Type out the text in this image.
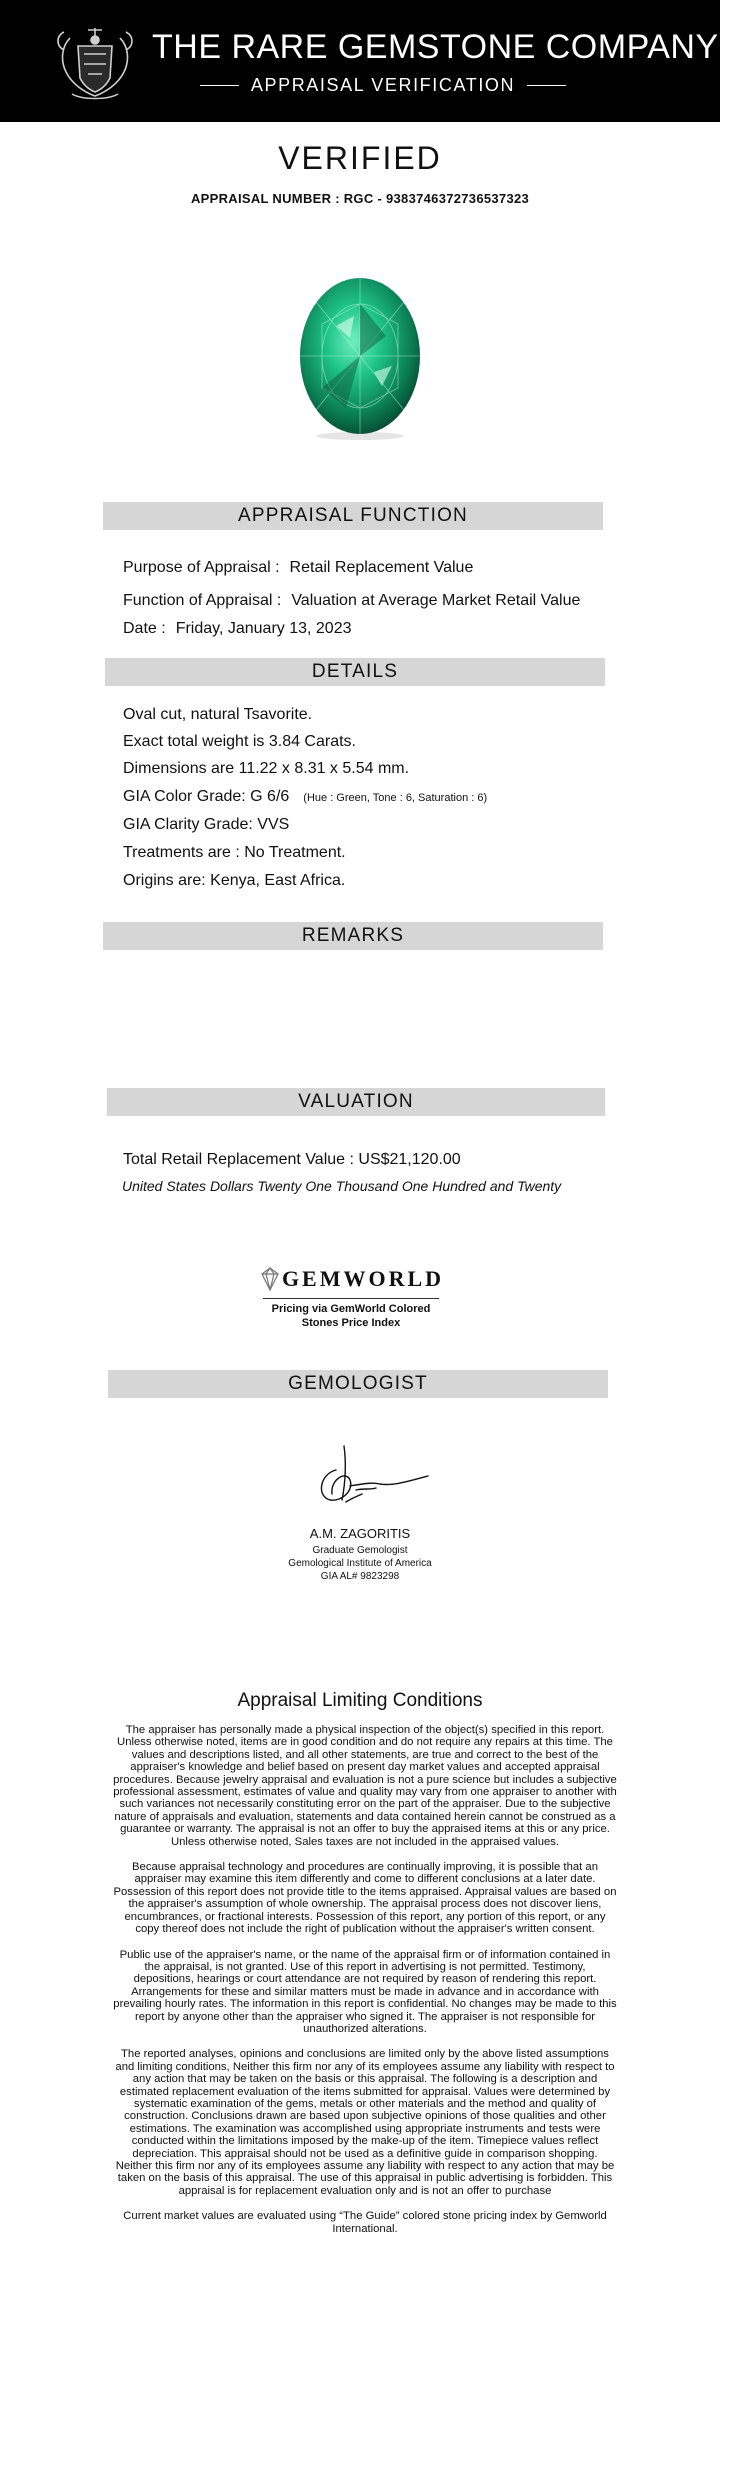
THE RARE GEMSTONE COMPANY ™
APPRAISAL VERIFICATION
VERIFIED
APPRAISAL NUMBER : RGC - 9383746372736537323
APPRAISAL FUNCTION
Purpose of Appraisal : Retail Replacement Value
Function of Appraisal : Valuation at Average Market Retail Value
Date : Friday, January 13, 2023
DETAILS
Oval cut, natural Tsavorite.
Exact total weight is 3.84 Carats.
Dimensions are 11.22 x 8.31 x 5.54 mm.
GIA Color Grade: G 6/6 (Hue : Green, Tone : 6, Saturation : 6)
GIA Clarity Grade: VVS
Treatments are : No Treatment.
Origins are: Kenya, East Africa.
REMARKS
VALUATION
Total Retail Replacement Value : US$21,120.00
United States Dollars Twenty One Thousand One Hundred and Twenty
GEMWORLD
Pricing via GemWorld Colored
Stones Price Index
GEMOLOGIST
A.M. ZAGORITIS
Graduate Gemologist
Gemological Institute of America
GIA AL# 9823298
Appraisal Limiting Conditions

The appraiser has personally made a physical inspection of the object(s) specified in this report. Unless otherwise noted, items are in good condition and do not require any repairs at this time. The values and descriptions listed, and all other statements, are true and correct to the best of the appraiser's knowledge and belief based on present day market values and accepted appraisal procedures. Because jewelry appraisal and evaluation is not a pure science but includes a subjective professional assessment, estimates of value and quality may vary from one appraiser to another with such variances not necessarily constituting error on the part of the appraiser. Due to the subjective nature of appraisals and evaluation, statements and data contained herein cannot be construed as a guarantee or warranty. The appraisal is not an offer to buy the appraised items at this or any price. Unless otherwise noted, Sales taxes are not included in the appraised values.

Because appraisal technology and procedures are continually improving, it is possible that an appraiser may examine this item differently and come to different conclusions at a later date. Possession of this report does not provide title to the items appraised. Appraisal values are based on the appraiser's assumption of whole ownership. The appraisal process does not discover liens, encumbrances, or fractional interests. Possession of this report, any portion of this report, or any copy thereof does not include the right of publication without the appraiser's written consent.

Public use of the appraiser's name, or the name of the appraisal firm or of information contained in the appraisal, is not granted. Use of this report in advertising is not permitted. Testimony, depositions, hearings or court attendance are not required by reason of rendering this report. Arrangements for these and similar matters must be made in advance and in accordance with prevailing hourly rates. The information in this report is confidential. No changes may be made to this report by anyone other than the appraiser who signed it. The appraiser is not responsible for unauthorized alterations.

The reported analyses, opinions and conclusions are limited only by the above listed assumptions and limiting conditions, Neither this firm nor any of its employees assume any liability with respect to any action that may be taken on the basis or this appraisal. The following is a description and estimated replacement evaluation of the items submitted for appraisal. Values were determined by systematic examination of the gems, metals or other materials and the method and quality of construction. Conclusions drawn are based upon subjective opinions of those qualities and other estimations. The examination was accomplished using appropriate instruments and tests were conducted within the limitations imposed by the make-up of the item. Timepiece values reflect depreciation. This appraisal should not be used as a definitive guide in comparison shopping. Neither this firm nor any of its employees assume any liability with respect to any action that may be taken on the basis of this appraisal. The use of this appraisal in public advertising is forbidden. This appraisal is for replacement evaluation only and is not an offer to purchase

Current market values are evaluated using “The Guide” colored stone pricing index by Gemworld International.
